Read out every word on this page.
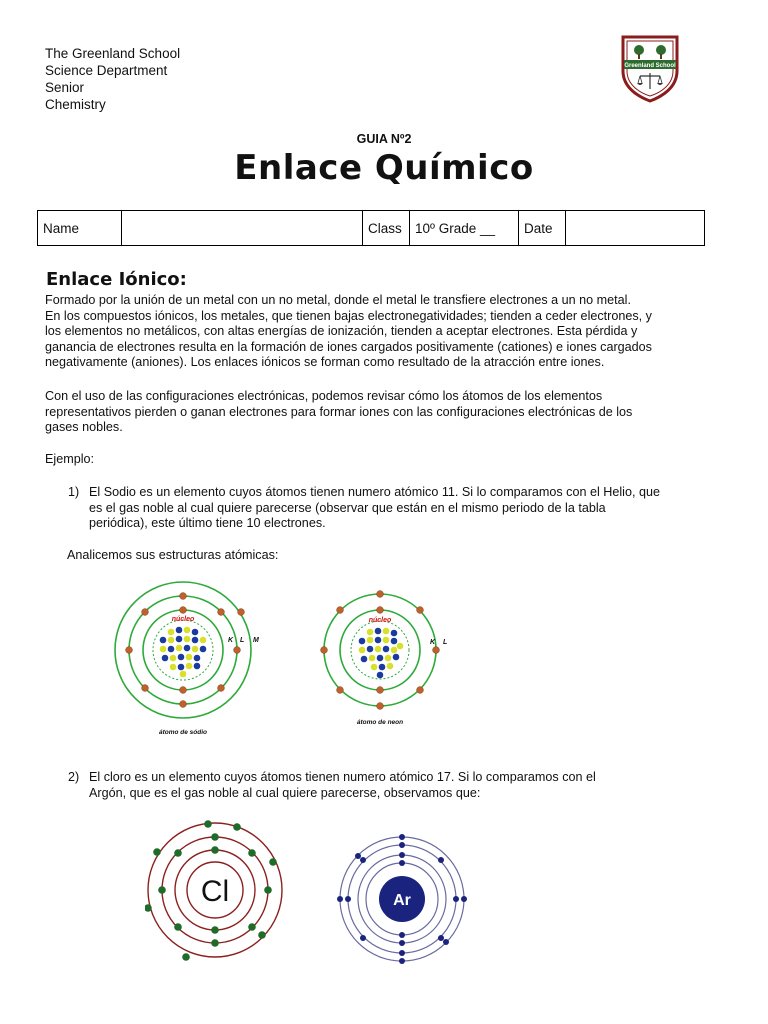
The Greenland School
Science Department
Senior
Chemistry
Greenland School
GUIA Nº2
Enlace Químico
Name		Class	10º Grade __	Date	
Enlace Iónico:
Formado por la unión de un metal con un no metal, donde el metal le transfiere electrones a un no metal.
En los compuestos iónicos, los metales, que tienen bajas electronegatividades; tienden a ceder electrones, y
los elementos no metálicos, con altas energías de ionización, tienden a aceptar electrones. Esta pérdida y
ganancia de electrones resulta en la formación de iones cargados positivamente (cationes) e iones cargados
negativamente (aniones). Los enlaces iónicos se forman como resultado de la atracción entre iones.
Con el uso de las configuraciones electrónicas, podemos revisar cómo los átomos de los elementos
representativos pierden o ganan electrones para formar iones con las configuraciones electrónicas de los
gases nobles.
Ejemplo:
1) El Sodio es un elemento cuyos átomos tienen numero atómico 11. Si lo comparamos con el Helio, que
es el gas noble al cual quiere parecerse (observar que están en el mismo periodo de la tabla
periódica), este último tiene 10 electrones.
Analicemos sus estructuras atómicas:
núcleo
K L M
átomo de sódio
núcleo
K L
átomo de neon
2) El cloro es un elemento cuyos átomos tienen numero atómico 17. Si lo comparamos con el
Argón, que es el gas noble al cual quiere parecerse, observamos que:
Cl	Ar
